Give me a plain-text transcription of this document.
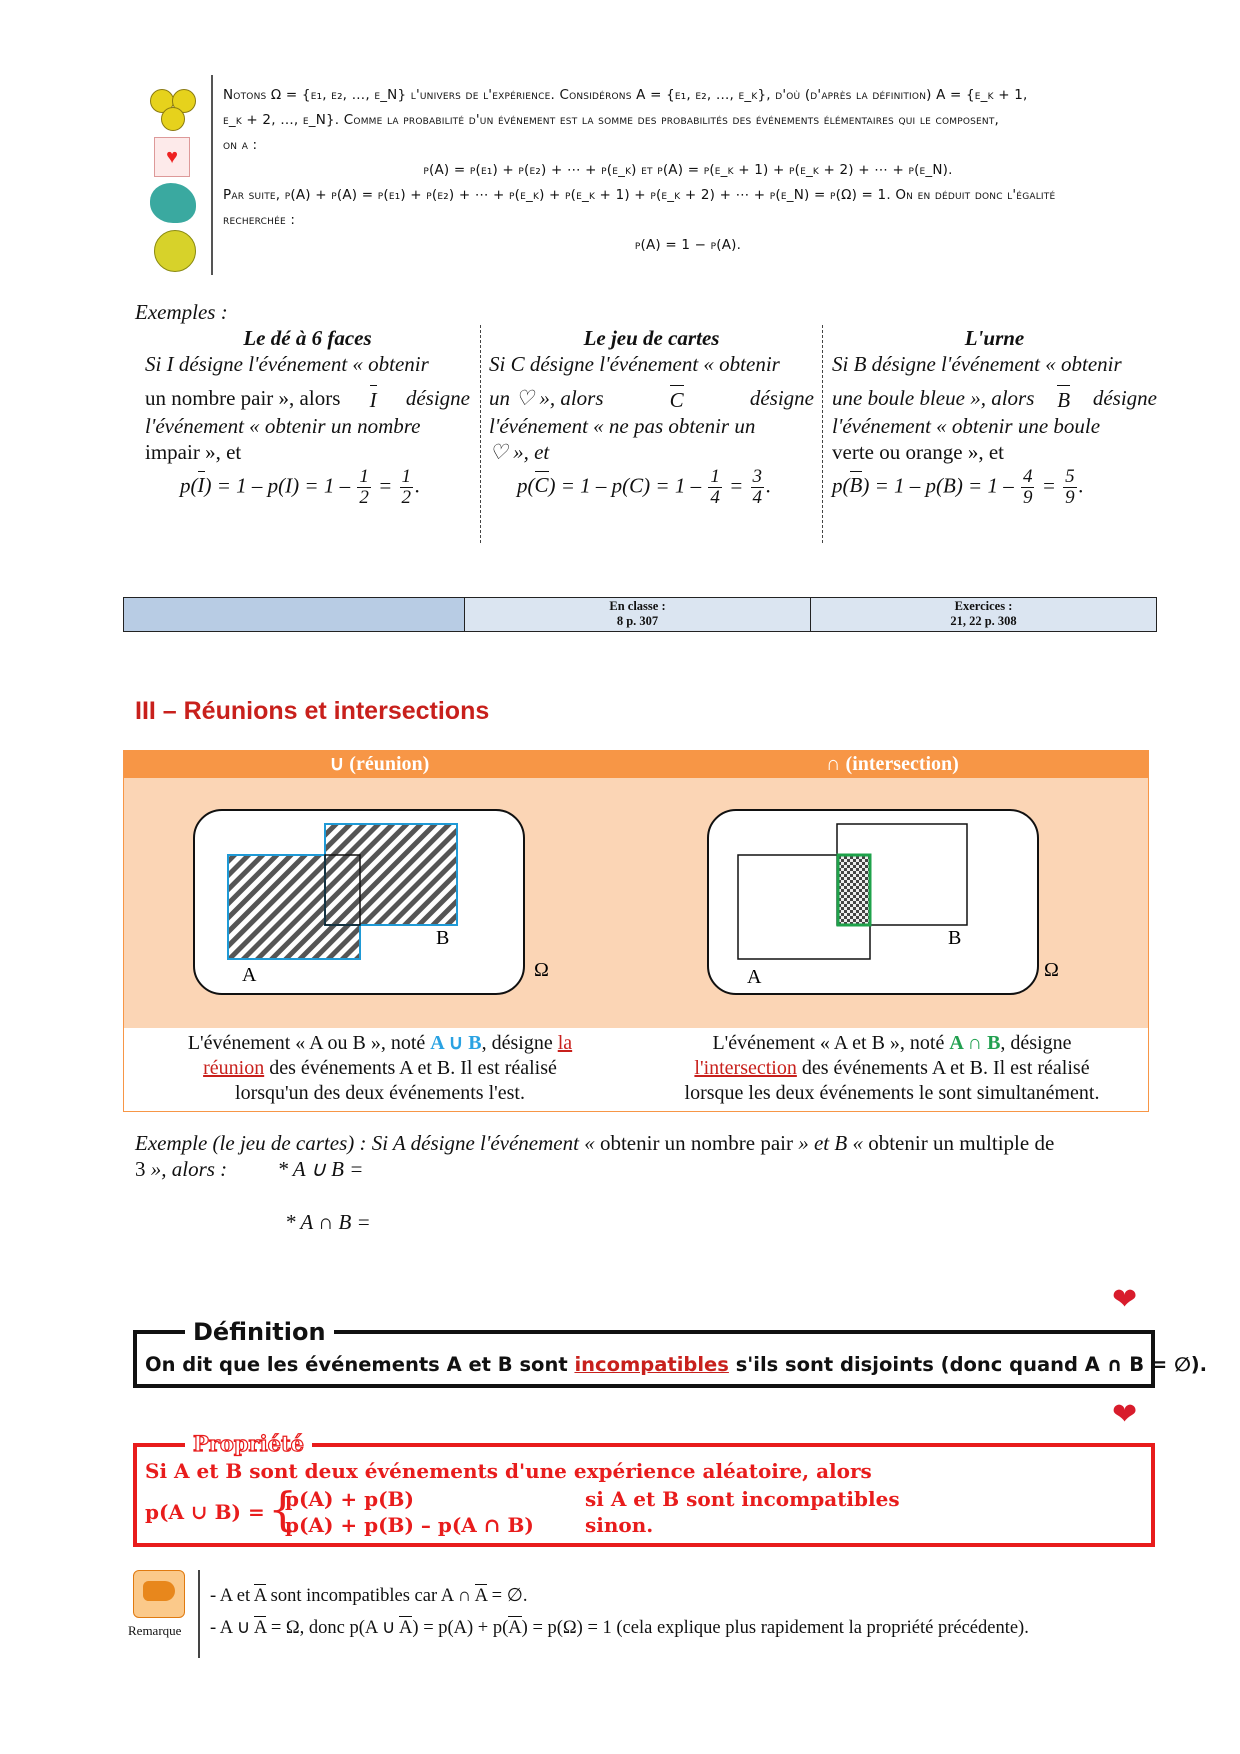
♥
Notons Ω = {ε₁, ε₂, …, ε_N} l'univers de l'expérience. Considérons A = {ε₁, ε₂, …, ε_k}, d'où (d'après la définition) A = {ε_k + 1,
ε_k + 2, …, ε_N}. Comme la probabilité d'un événement est la somme des probabilités des événements élémentaires qui le composent,
on a :
p(A) = p(ε₁) + p(ε₂) + ⋯ + p(ε_k) et p(A) = p(ε_k + 1) + p(ε_k + 2) + ⋯ + p(ε_N).
Par suite, p(A) + p(A) = p(ε₁) + p(ε₂) + ⋯ + p(ε_k) + p(ε_k + 1) + p(ε_k + 2) + ⋯ + p(ε_N) = p(Ω) = 1. On en déduit donc l'égalité
recherchée :
p(A) = 1 − p(A).
Exemples :
Le dé à 6 faces
Si I désigne l'événement « obtenir
un nombre pair », alors I désigne
l'événement « obtenir un nombre
impair », et
$p(I) = 1 - p(I) = 1 - \frac{1}{2} = \frac{1}{2}$ .
Le jeu de cartes
Si C désigne l'événement « obtenir
un ♡ », alors	C	désigne
l'événement « ne pas obtenir un
♡ », et
$p(C) = 1 - p(C) = 1 - \frac{1}{4} = \frac{3}{4}$ .
L'urne
Si B désigne l'événement « obtenir
une boule bleue », alors B désigne
l'événement « obtenir une boule
verte ou orange », et
$p(B) = 1 - p(B) = 1 - \frac{4}{9} = \frac{5}{9}$ .
En classe :
8 p. 307
Exercices :
21, 22 p. 308
III – Réunions et intersections
∪ (réunion)	∩ (intersection)
A
B
Ω	A
B
Ω
L'événement « A ou B », noté A ∪ B, désigne la
réunion des événements A et B. Il est réalisé
lorsqu'un des deux événements l'est.
L'événement « A et B », noté A ∩ B, désigne
l'intersection des événements A et B. Il est réalisé
lorsque les deux événements le sont simultanément.
Exemple (le jeu de cartes) : Si A désigne l'événement « obtenir un nombre pair » et B « obtenir un multiple de
3 », alors : * A ∪ B =
* A ∩ B =
❤
Définition
On dit que les événements A et B sont incompatibles s'ils sont disjoints (donc quand A ∩ B = ∅).
❤
Propriété
Si A et B sont deux événements d'une expérience aléatoire, alors
p(A ∪ B) = {
p(A) + p(B)	si A et B sont incompatibles
p(A) + p(B) – p(A ∩ B)	sinon.
Remarque
- A et A sont incompatibles car A ∩ A = ∅.
- A ∪ A = Ω, donc p(A ∪ A) = p(A) + p(A) = p(Ω) = 1 (cela explique plus rapidement la propriété précédente).
